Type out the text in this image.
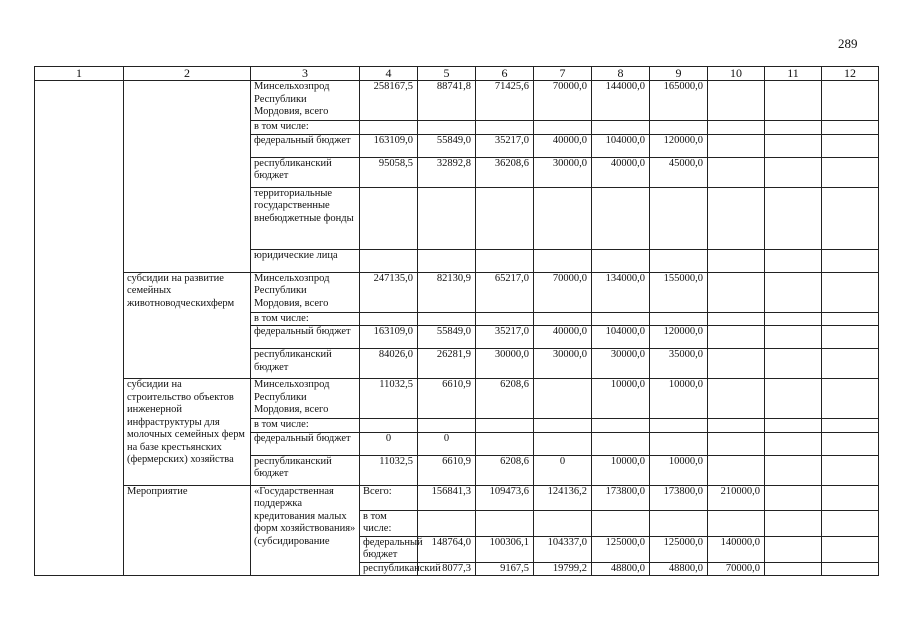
289
1	2	3	4	5	6	7	8	9	10	11	12	
		Минсельхозпрод Республики Мордовия, всего	258167,5	88741,8	71425,6	70000,0	144000,0	165000,0				
		в том числе:										
		федеральный бюджет	163109,0	55849,0	35217,0	40000,0	104000,0	120000,0				
		республиканский бюджет	95058,5	32892,8	36208,6	30000,0	40000,0	45000,0				
		территориальные государственные внебюджетные фонды										
		юридические лица										
	субсидии на развитие семейных животноводческихферм	Минсельхозпрод Республики Мордовия, всего	247135,0	82130,9	65217,0	70000,0	134000,0	155000,0				
		в том числе:										
		федеральный бюджет	163109,0	55849,0	35217,0	40000,0	104000,0	120000,0				
		республиканский бюджет	84026,0	26281,9	30000,0	30000,0	30000,0	35000,0				
	субсидии на строительство объектов инженерной инфраструктуры для молочных семейных ферм на базе крестьянских (фермерских) хозяйства	Минсельхозпрод Республики Мордовия, всего	11032,5	6610,9	6208,6		10000,0	10000,0				
		в том числе:										
		федеральный бюджет	0	0								
		республиканский бюджет	11032,5	6610,9	6208,6	0	10000,0	10000,0				
	Мероприятие	«Государственная поддержка кредитования малых форм хозяйствования» (субсидирование	Всего:	156841,3	109473,6	124136,2	173800,0	173800,0	210000,0			
			в том числе:									
			федеральный бюджет	148764,0	100306,1	104337,0	125000,0	125000,0	140000,0			
			республиканский	8077,3	9167,5	19799,2	48800,0	48800,0	70000,0			
